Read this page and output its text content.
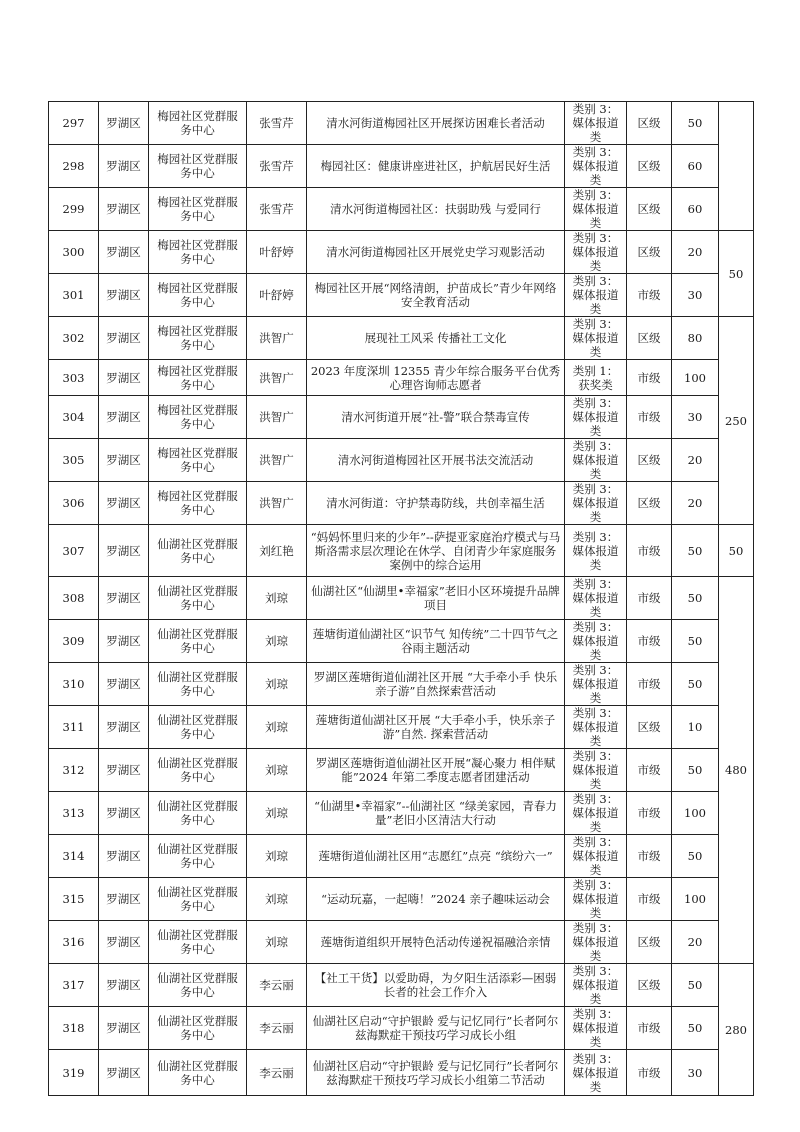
297	罗湖区	梅园社区党群服务中心	张雪芹	清水河街道梅园社区开展探访困难长者活动	类别 3：媒体报道类	区级	50	
298	罗湖区	梅园社区党群服务中心	张雪芹	梅园社区：健康讲座进社区，护航居民好生活	类别 3：媒体报道类	区级	60	
299	罗湖区	梅园社区党群服务中心	张雪芹	清水河街道梅园社区：扶弱助残 与爱同行	类别 3：媒体报道类	区级	60	
300	罗湖区	梅园社区党群服务中心	叶舒婷	清水河街道梅园社区开展党史学习观影活动	类别 3：媒体报道类	区级	20	50
301	罗湖区	梅园社区党群服务中心	叶舒婷	梅园社区开展“网络清朗，护苗成长”青少年网络安全教育活动	类别 3：媒体报道类	市级	30	
302	罗湖区	梅园社区党群服务中心	洪智广	展现社工风采 传播社工文化	类别 3：媒体报道类	区级	80	250
303	罗湖区	梅园社区党群服务中心	洪智广	2023 年度深圳 12355 青少年综合服务平台优秀心理咨询师志愿者	类别 1：获奖类	市级	100	
304	罗湖区	梅园社区党群服务中心	洪智广	清水河街道开展“社-警”联合禁毒宣传	类别 3：媒体报道类	市级	30	
305	罗湖区	梅园社区党群服务中心	洪智广	清水河街道梅园社区开展书法交流活动	类别 3：媒体报道类	区级	20	
306	罗湖区	梅园社区党群服务中心	洪智广	清水河街道：守护禁毒防线，共创幸福生活	类别 3：媒体报道类	区级	20	
307	罗湖区	仙湖社区党群服务中心	刘红艳	“妈妈怀里归来的少年”--萨提亚家庭治疗模式与马斯洛需求层次理论在休学、自闭青少年家庭服务案例中的综合运用	类别 3：媒体报道类	市级	50	50
308	罗湖区	仙湖社区党群服务中心	刘琼	仙湖社区“仙湖里•幸福家”老旧小区环境提升品牌项目	类别 3：媒体报道类	市级	50	480
309	罗湖区	仙湖社区党群服务中心	刘琼	莲塘街道仙湖社区“识节气 知传统”二十四节气之谷雨主题活动	类别 3：媒体报道类	市级	50	
310	罗湖区	仙湖社区党群服务中心	刘琼	罗湖区莲塘街道仙湖社区开展 “大手牵小手 快乐亲子游”自然探索营活动	类别 3：媒体报道类	市级	50	
311	罗湖区	仙湖社区党群服务中心	刘琼	莲塘街道仙湖社区开展 “大手牵小手，快乐亲子游”自然. 探索营活动	类别 3：媒体报道类	区级	10	
312	罗湖区	仙湖社区党群服务中心	刘琼	罗湖区莲塘街道仙湖社区开展“凝心聚力 相伴赋能”2024 年第二季度志愿者团建活动	类别 3：媒体报道类	市级	50	
313	罗湖区	仙湖社区党群服务中心	刘琼	“仙湖里•幸福家”--仙湖社区 “绿美家园，青春力量”老旧小区清洁大行动	类别 3：媒体报道类	市级	100	
314	罗湖区	仙湖社区党群服务中心	刘琼	莲塘街道仙湖社区用“志愿红”点亮 “缤纷六一”	类别 3：媒体报道类	市级	50	
315	罗湖区	仙湖社区党群服务中心	刘琼	“运动玩嘉，一起嗨！”2024 亲子趣味运动会	类别 3：媒体报道类	市级	100	
316	罗湖区	仙湖社区党群服务中心	刘琼	莲塘街道组织开展特色活动传递祝福融洽亲情	类别 3：媒体报道类	区级	20	
317	罗湖区	仙湖社区党群服务中心	李云丽	【社工干货】以爱助碍，为夕阳生活添彩—困弱长者的社会工作介入	类别 3：媒体报道类	区级	50	280
318	罗湖区	仙湖社区党群服务中心	李云丽	仙湖社区启动“守护银龄 爱与记忆同行”长者阿尔兹海默症干预技巧学习成长小组	类别 3：媒体报道类	市级	50	
319	罗湖区	仙湖社区党群服务中心	李云丽	仙湖社区启动“守护银龄 爱与记忆同行”长者阿尔兹海默症干预技巧学习成长小组第二节活动	类别 3：媒体报道类	市级	30	
